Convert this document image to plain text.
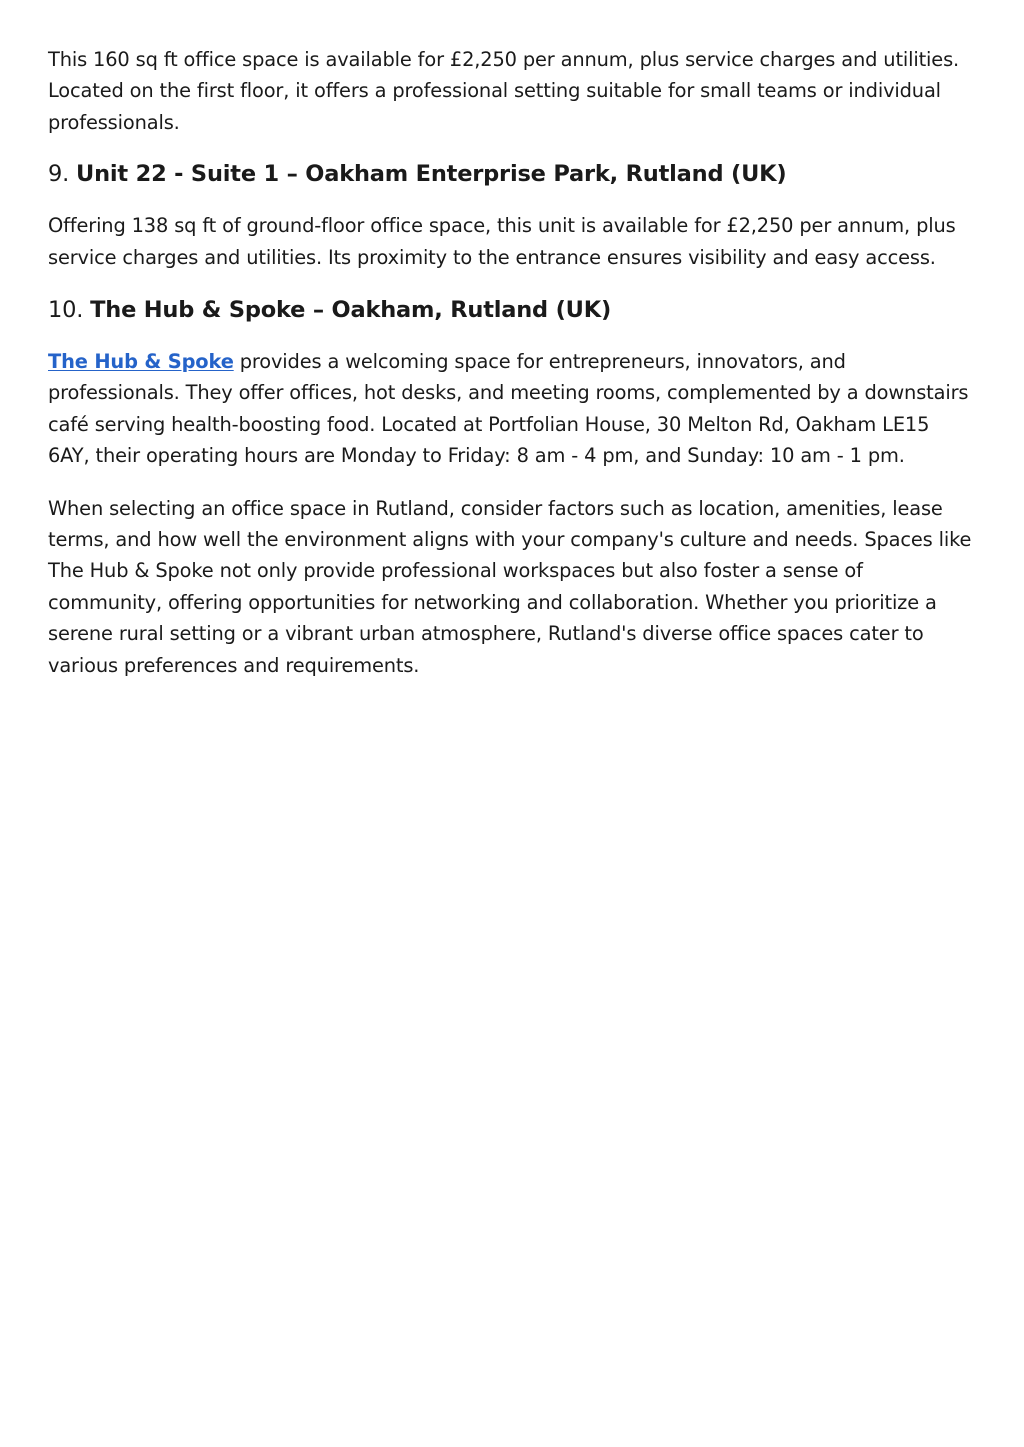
This 160 sq ft office space is available for £2,250 per annum, plus service charges and utilities. Located on the first floor, it offers a professional setting suitable for small teams or individual professionals.

9. Unit 22 - Suite 1 – Oakham Enterprise Park, Rutland (UK)

Offering 138 sq ft of ground-floor office space, this unit is available for £2,250 per annum, plus service charges and utilities. Its proximity to the entrance ensures visibility and easy access.

10. The Hub & Spoke – Oakham, Rutland (UK)

The Hub & Spoke provides a welcoming space for entrepreneurs, innovators, and professionals. They offer offices, hot desks, and meeting rooms, complemented by a downstairs café serving health-boosting food. Located at Portfolian House, 30 Melton Rd, Oakham LE15 6AY, their operating hours are Monday to Friday: 8 am - 4 pm, and Sunday: 10 am - 1 pm.

When selecting an office space in Rutland, consider factors such as location, amenities, lease terms, and how well the environment aligns with your company's culture and needs. Spaces like The Hub & Spoke not only provide professional workspaces but also foster a sense of community, offering opportunities for networking and collaboration. Whether you prioritize a serene rural setting or a vibrant urban atmosphere, Rutland's diverse office spaces cater to various preferences and requirements.
